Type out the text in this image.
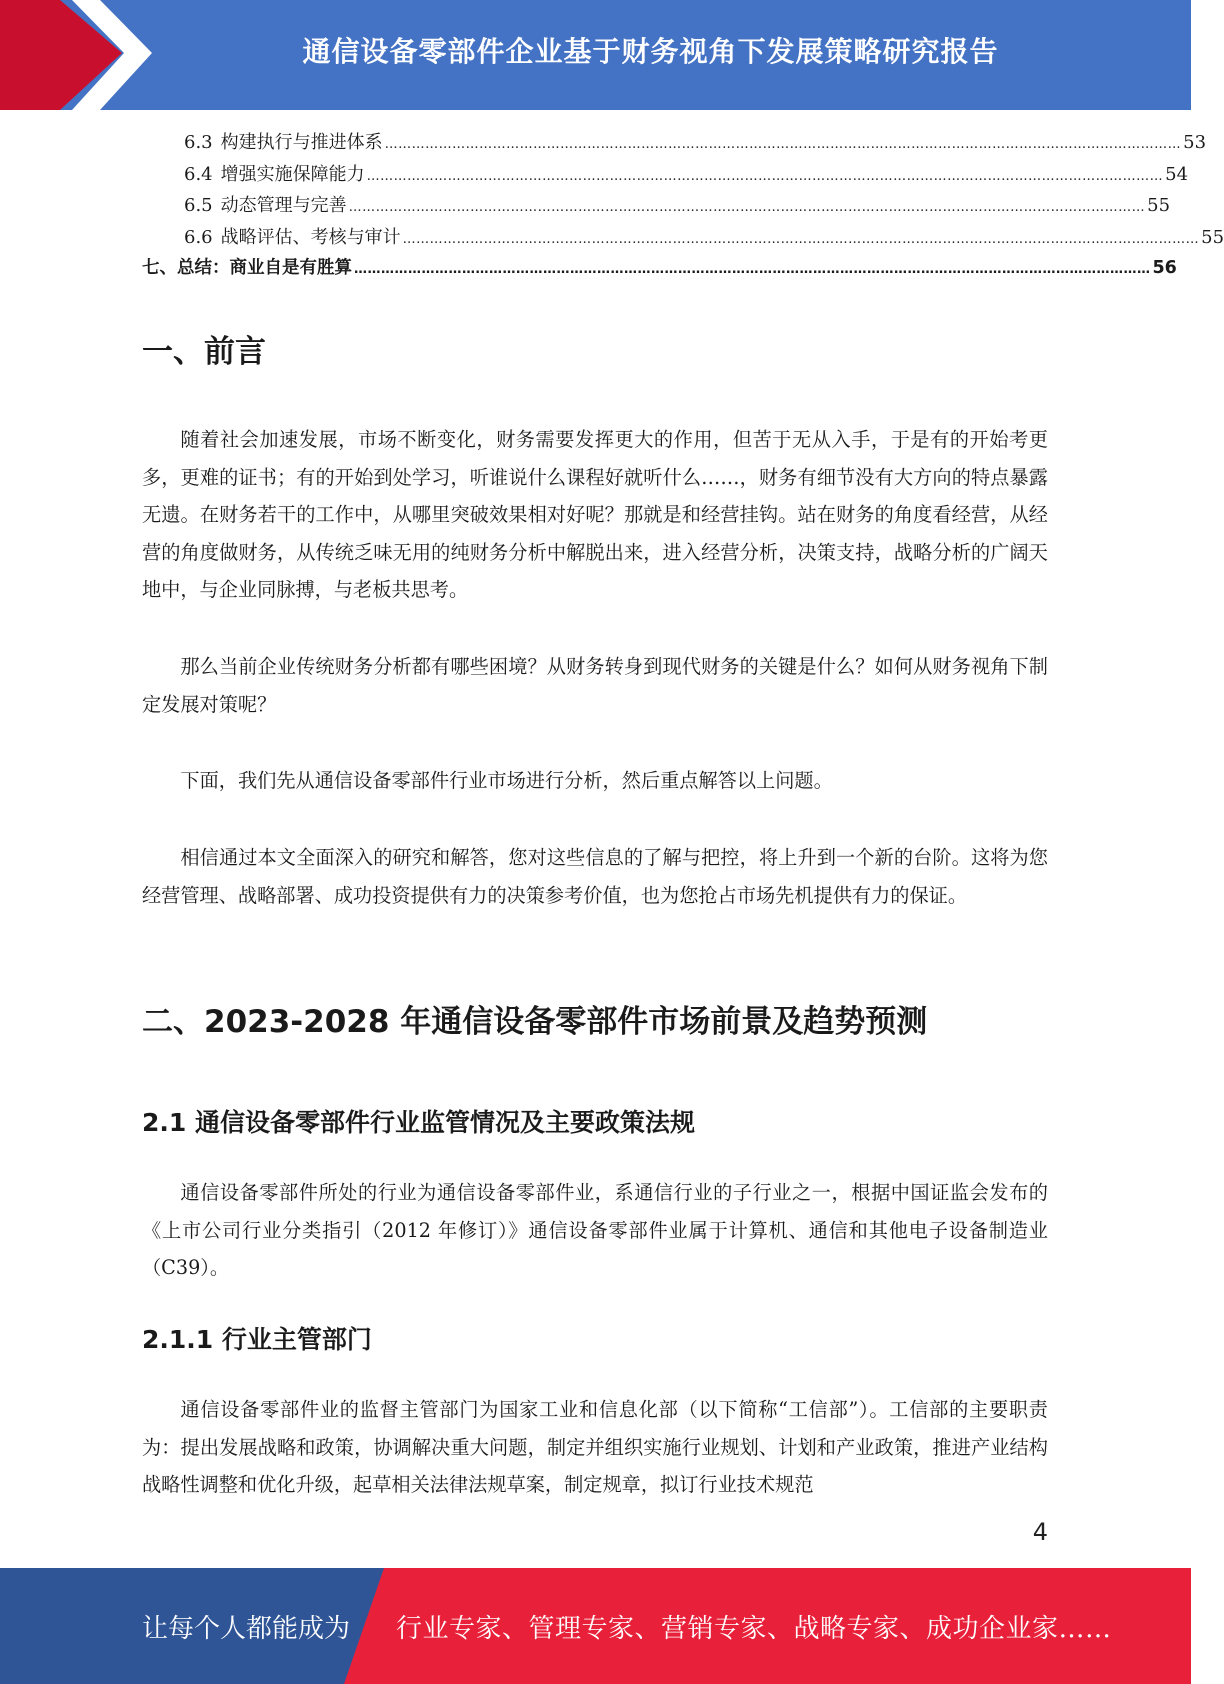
通信设备零部件企业基于财务视角下发展策略研究报告
6.3 构建执行与推进体系 …………………………………………………………………………………………………………………………………………………………… 53
6.4 增强实施保障能力 …………………………………………………………………………………………………………………………………………………………… 54
6.5 动态管理与完善 …………………………………………………………………………………………………………………………………………………………… 55
6.6 战略评估、考核与审计 …………………………………………………………………………………………………………………………………………………………… 55
七、总结：商业自是有胜算 …………………………………………………………………………………………………………………………………………………………… 56
一、前言

随着社会加速发展，市场不断变化，财务需要发挥更大的作用，但苦于无从入手，于是有的开始考更多，更难的证书；有的开始到处学习，听谁说什么课程好就听什么……，财务有细节没有大方向的特点暴露无遗。在财务若干的工作中，从哪里突破效果相对好呢？那就是和经营挂钩。站在财务的角度看经营，从经营的角度做财务，从传统乏味无用的纯财务分析中解脱出来，进入经营分析，决策支持，战略分析的广阔天地中，与企业同脉搏，与老板共思考。

那么当前企业传统财务分析都有哪些困境？从财务转身到现代财务的关键是什么？如何从财务视角下制定发展对策呢？

下面，我们先从通信设备零部件行业市场进行分析，然后重点解答以上问题。

相信通过本文全面深入的研究和解答，您对这些信息的了解与把控，将上升到一个新的台阶。这将为您经营管理、战略部署、成功投资提供有力的决策参考价值，也为您抢占市场先机提供有力的保证。

二、2023-2028 年通信设备零部件市场前景及趋势预测
2.1 通信设备零部件行业监管情况及主要政策法规

通信设备零部件所处的行业为通信设备零部件业，系通信行业的子行业之一，根据中国证监会发布的《上市公司行业分类指引（2012 年修订）》通信设备零部件业属于计算机、通信和其他电子设备制造业（C39）。

2.1.1 行业主管部门

通信设备零部件业的监督主管部门为国家工业和信息化部（以下简称“工信部”）。工信部的主要职责为：提出发展战略和政策，协调解决重大问题，制定并组织实施行业规划、计划和产业政策，推进产业结构战略性调整和优化升级，起草相关法律法规草案，制定规章，拟订行业技术规范

4
让每个人都能成为 行业专家、管理专家、营销专家、战略专家、成功企业家……
